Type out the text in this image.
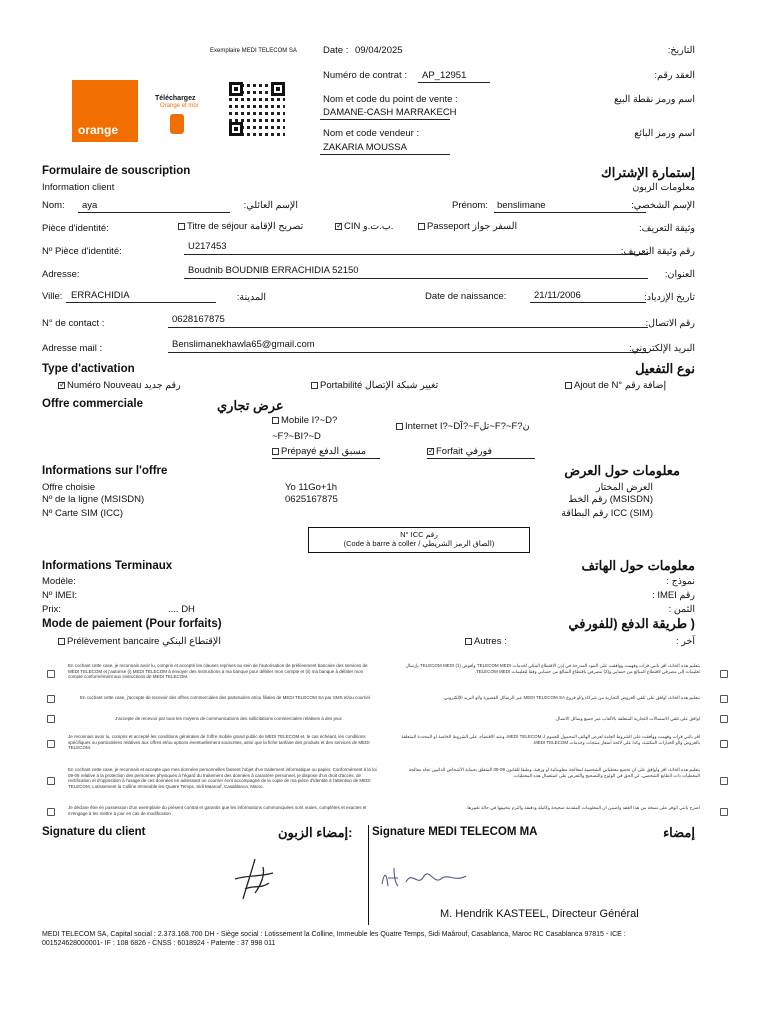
Exemplaire MEDI TELECOM SA
orange
Téléchargez
Orange et moi
Date : 09/04/2025	التاريخ:
Numéro de contrat : AP_12951	العقد رقم:
Nom et code du point de vente :
DAMANE-CASH MARRAKECH
اسم ورمز نقطة البيع
Nom et code vendeur :
ZAKARIA MOUSSA
اسم ورمز البائع
Formulaire de souscription	إستمارة الإشتراك
Information client	معلومات الزبون
Nom: aya	الإسم العائلي:	Prénom: benslimane	الإسم الشخصي:
Pièce d'identité:	Titre de séjour تصريح الإقامة ✓	CIN ب.ت.و.	Passeport السفر جواز	وثيقة التعريف:
Nº Pièce d'identité:	U217453	رقم وثيقة التعريف:
Adresse:	Boudnib BOUDNIB ERRACHIDIA 52150	العنوان:
Ville: ERRACHIDIA	المدينة:	Date de naissance:	21/11/2006	تاريخ الإزدياد:
N° de contact :	0628167875	رقم الاتصال:
Adresse mail :	Benslimanekhawla65@gmail.com	البريد الإلكتروني:
Type d'activation	نوع التفعيل
✓Numéro Nouveau رقم جديد	Portabilité تغيير شبكة الإتصال	Ajout de N° إضافة رقم
Offre commerciale	عرض تجاري
Mobile I?~D?
~F?~BI?~D
Internet I?~DÎ?~Fتل~F?~F?ن
Prépayé مسبق الدفع ✓	Forfait فورفي
Informations sur l'offre	معلومات حول العرض
Offre choisie	Yo 11Go+1h	العرض المختار
Nº de la ligne (MSISDN)	0625167875	(MSISDN) رقم الخط
Nº Carte SIM (ICC)	(SIM) ICC رقم البطاقة
N° ICC رقم
(Code à barre à coller / الصاق الرمز الشريطي)
Informations Terminaux	معلومات حول الهاتف
Modèle:	نموذج :
Nº IMEI:	رقم IMEI :
Prix:	.... DH	الثمن :
Mode de paiement (Pour forfaits)	( طريقة الدفع (للفورفي
Prélèvement bancaire الإقتطاع البنكي	Autres :	آخر :
En cochant cette case, je reconnais avoir lu, compris et accepté les clauses reprises au sein de l'autorisation de prélèvement bancaire des services de MEDI TELECOM et j'autorise (i) MEDI TELECOM à envoyer des instructions à ma banque pour débiter mon compte et (ii) ma banque à débiter mon compte conformément aux instructions de MEDI TELECOM.
بتعليم هذه الخانة، أقر بأنني قرأت وفهمت ووافقت على البنود المدرجة في إذن الاقتطاع البنكي لخدمات TELECOM MEDI وأفوض (1) TELECOM MEDI بإرسال تعليمات إلى مصرفي لاقتطاع المبالغ من حسابي و(2) مصرفي باقتطاع المبالغ من حسابي وفقا لتعليمات TELECOM MEDI.
En cochant cette case, j'accepte de recevoir des offres commerciales des partenaires et/ou filiales de MEDI TELECOM SA par SMS et/ou courriel.	بتعليم هذه الخانة، أوافق على تلقي العروض التجارية من شركاء و/أو فروع MEDI TELECOM SA عبر الرسائل القصيرة و/أو البريد الإلكتروني.
J'accepte de recevoir par tous les moyens de communications des sollicitations commerciales relatives à des jeux	أوافق على تلقي الاستمالات التجارية المتعلقة بالألعاب عبر جميع وسائل الاتصال.
Je reconnais avoir lu, compris et accepté les conditions générales de l'offre mobile grand public de MEDI TELECOM et, le cas échéant, les conditions spécifiques ou particulières relatives aux offres et/ou options éventuellement souscrites, ainsi que la fiche tarifaire des produits et des services de MEDI TELECOM.
أقر بأنني قرأت وفهمت ووافقت على الشروط العامة لعرض الهاتف المحمول للعموم لـ MEDI TELECOM، وعند الاقتضاء، على الشروط الخاصة أو المحددة المتعلقة بالعروض و/أو الخيارات المكتتبة، وكذا على لائحة أسعار منتجات وخدمات MEDI TELECOM.
En cochant cette case, je reconnais et accepte que mes données personnelles fassent l'objet d'un traitement informatique ou papier. Conformément à la loi 09-08 relative à la protection des personnes physiques à l'égard du traitement des données à caractère personnel, je dispose d'un droit d'accès, de rectification et d'opposition à l'usage de ces données en adressant un courrier écrit accompagné de la copie de ma pièce d'identité à l'attention de MEDI TELECOM, Lotissement la Colline Immeuble les Quatre Temps, Sidi Maarouf, Casablanca, Maroc.
بتعليم هذه الخانة، أقر وأوافق على أن تخضع معطياتي الشخصية لمعالجة معلوماتية أو ورقية. وطبقا للقانون 09-08 المتعلق بحماية الأشخاص الذاتيين تجاه معالجة المعطيات ذات الطابع الشخصي، لي الحق في الولوج والتصحيح والتعرض على استعمال هذه المعطيات.
Je déclare être en possession d'un exemplaire du présent contrat et garantis que les informations communiquées sont vraies, complètes et exactes et m'engage à les mettre à jour en cas de modification
أصرح بأنني أتوفر على نسخة من هذا العقد وأضمن أن المعلومات المقدمة صحيحة وكاملة ودقيقة وألتزم بتحيينها في حالة تغييرها.
Signature du client	إمضاء الزبون: Signature MEDI TELECOM MA	إمضاء
M. Hendrik KASTEEL, Directeur Général
MEDI TELECOM SA, Capital social : 2.373.168.700 DH - Siège social : Lotissement la Colline, Immeuble les Quatre Temps, Sidi Maârouf, Casablanca, Maroc RC Casablanca 97815 - ICE :
001524628000001- IF : 108 6826 - CNSS : 6018924 - Patente : 37 998 011
